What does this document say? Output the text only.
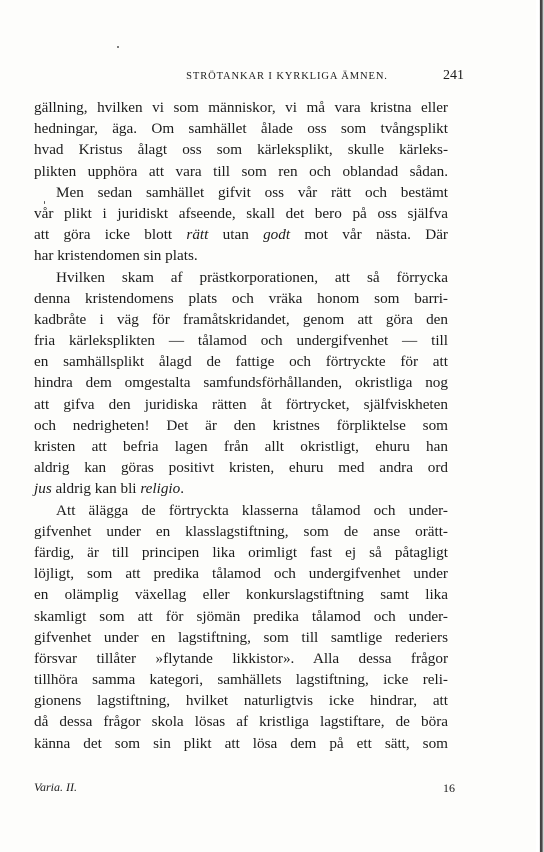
STRÖTANKAR I KYRKLIGA ÄMNEN.	241
gällning, hvilken vi som människor, vi må vara kristna eller
hedningar, äga. Om samhället ålade oss som tvångsplikt
hvad Kristus ålagt oss som kärleksplikt, skulle kärleks-
plikten upphöra att vara till som ren och oblandad sådan.
Men sedan samhället gifvit oss vår rätt och bestämt
vår plikt i juridiskt afseende, skall det bero på oss själfva
att göra icke blott rätt utan godt mot vår nästa. Där
har kristendomen sin plats.
Hvilken skam af prästkorporationen, att så förrycka
denna kristendomens plats och vräka honom som barri-
kadbråte i väg för framåtskridandet, genom att göra den
fria kärleksplikten — tålamod och undergifvenhet — till
en samhällsplikt ålagd de fattige och förtryckte för att
hindra dem omgestalta samfundsförhållanden, okristliga nog
att gifva den juridiska rätten åt förtrycket, själfviskheten
och nedrigheten! Det är den kristnes förpliktelse som
kristen att befria lagen från allt okristligt, ehuru han
aldrig kan göras positivt kristen, ehuru med andra ord
jus aldrig kan bli religio.
Att älägga de förtryckta klasserna tålamod och under-
gifvenhet under en klasslagstiftning, som de anse orätt-
färdig, är till principen lika orimligt fast ej så påtagligt
löjligt, som att predika tålamod och undergifvenhet under
en olämplig växellag eller konkurslagstiftning samt lika
skamligt som att för sjömän predika tålamod och under-
gifvenhet under en lagstiftning, som till samtlige rederiers
försvar tillåter »flytande likkistor». Alla dessa frågor
tillhöra samma kategori, samhällets lagstiftning, icke reli-
gionens lagstiftning, hvilket naturligtvis icke hindrar, att
då dessa frågor skola lösas af kristliga lagstiftare, de böra
känna det som sin plikt att lösa dem på ett sätt, som
Varia. II.	16
